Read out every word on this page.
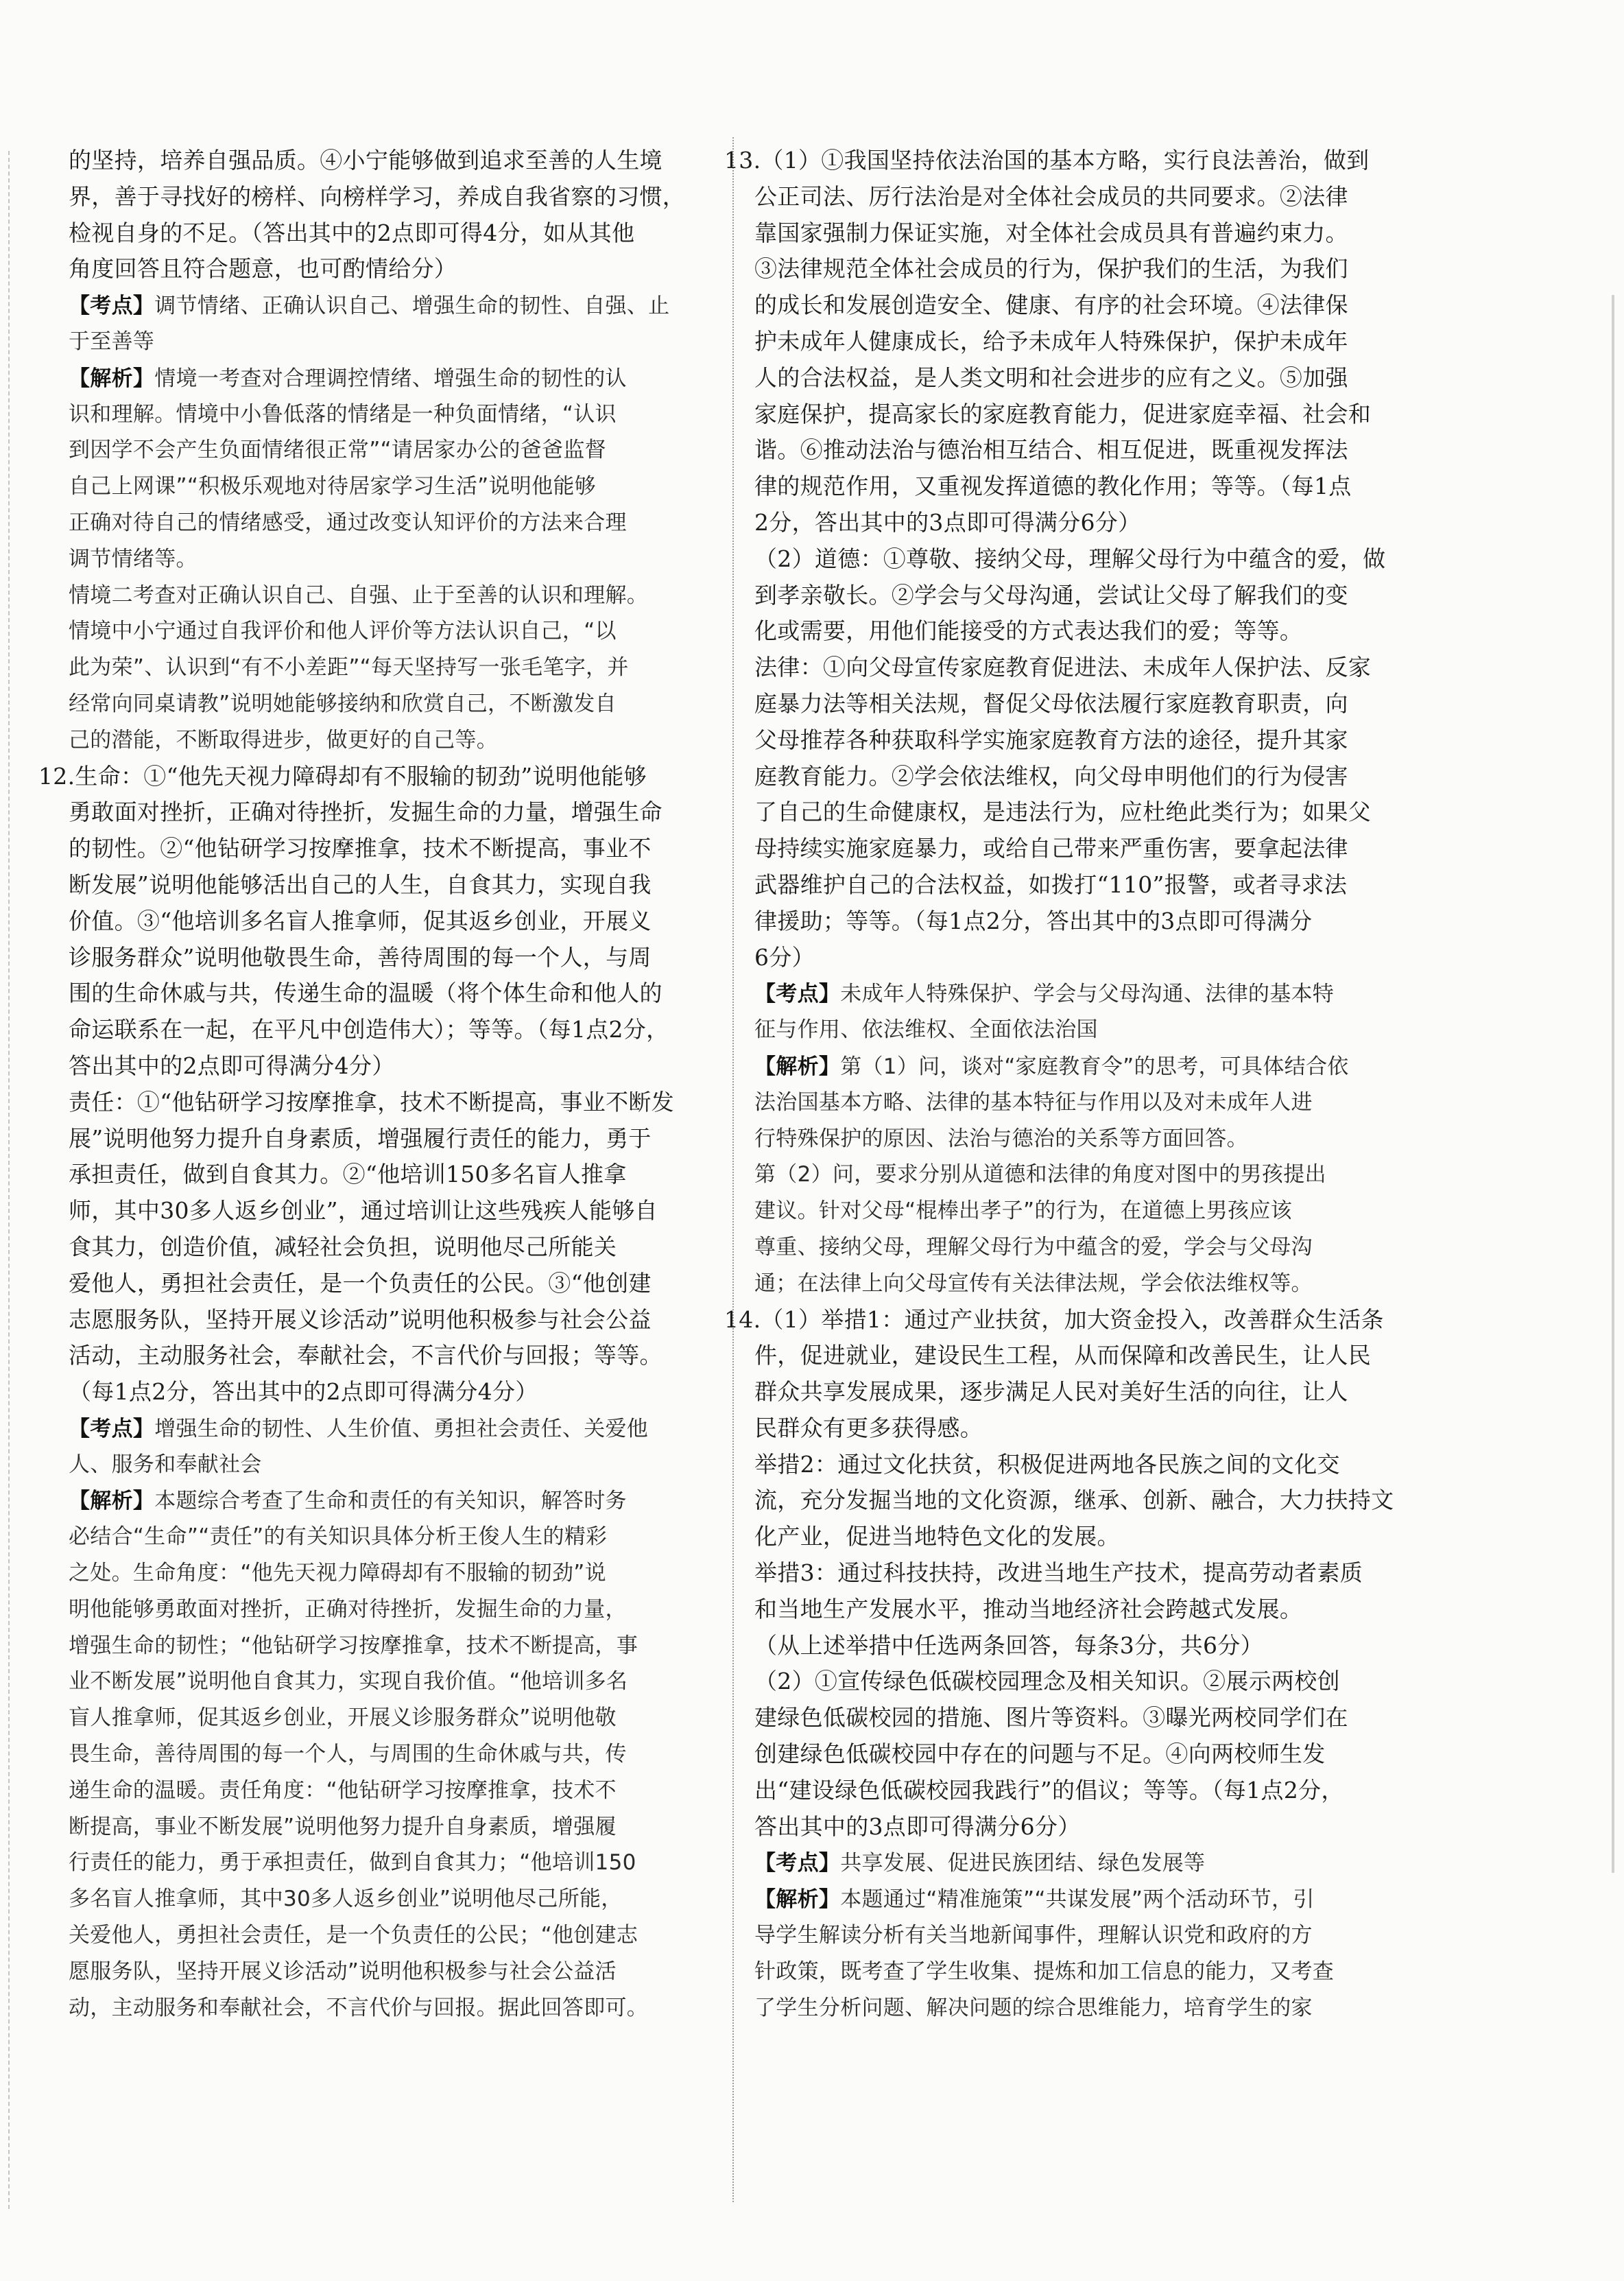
的坚持，培养自强品质。④小宁能够做到追求至善的人生境
界，善于寻找好的榜样、向榜样学习，养成自我省察的习惯，
检视自身的不足。（答出其中的2点即可得4分，如从其他
角度回答且符合题意，也可酌情给分）
【考点】调节情绪、正确认识自己、增强生命的韧性、自强、止
于至善等
【解析】情境一考查对合理调控情绪、增强生命的韧性的认
识和理解。情境中小鲁低落的情绪是一种负面情绪，“认识
到因学不会产生负面情绪很正常”“请居家办公的爸爸监督
自己上网课”“积极乐观地对待居家学习生活”说明他能够
正确对待自己的情绪感受，通过改变认知评价的方法来合理
调节情绪等。
情境二考查对正确认识自己、自强、止于至善的认识和理解。
情境中小宁通过自我评价和他人评价等方法认识自己，“以
此为荣”、认识到“有不小差距”“每天坚持写一张毛笔字，并
经常向同桌请教”说明她能够接纳和欣赏自己，不断激发自
己的潜能，不断取得进步，做更好的自己等。
12.生命：①“他先天视力障碍却有不服输的韧劲”说明他能够
勇敢面对挫折，正确对待挫折，发掘生命的力量，增强生命
的韧性。②“他钻研学习按摩推拿，技术不断提高，事业不
断发展”说明他能够活出自己的人生，自食其力，实现自我
价值。③“他培训多名盲人推拿师，促其返乡创业，开展义
诊服务群众”说明他敬畏生命，善待周围的每一个人，与周
围的生命休戚与共，传递生命的温暖（将个体生命和他人的
命运联系在一起，在平凡中创造伟大）；等等。（每1点2分，
答出其中的2点即可得满分4分）
责任：①“他钻研学习按摩推拿，技术不断提高，事业不断发
展”说明他努力提升自身素质，增强履行责任的能力，勇于
承担责任，做到自食其力。②“他培训150多名盲人推拿
师，其中30多人返乡创业”，通过培训让这些残疾人能够自
食其力，创造价值，减轻社会负担，说明他尽己所能关
爱他人，勇担社会责任，是一个负责任的公民。③“他创建
志愿服务队，坚持开展义诊活动”说明他积极参与社会公益
活动，主动服务社会，奉献社会，不言代价与回报；等等。
（每1点2分，答出其中的2点即可得满分4分）
【考点】增强生命的韧性、人生价值、勇担社会责任、关爱他
人、服务和奉献社会
【解析】本题综合考查了生命和责任的有关知识，解答时务
必结合“生命”“责任”的有关知识具体分析王俊人生的精彩
之处。生命角度：“他先天视力障碍却有不服输的韧劲”说
明他能够勇敢面对挫折，正确对待挫折，发掘生命的力量，
增强生命的韧性；“他钻研学习按摩推拿，技术不断提高，事
业不断发展”说明他自食其力，实现自我价值。“他培训多名
盲人推拿师，促其返乡创业，开展义诊服务群众”说明他敬
畏生命，善待周围的每一个人，与周围的生命休戚与共，传
递生命的温暖。责任角度：“他钻研学习按摩推拿，技术不
断提高，事业不断发展”说明他努力提升自身素质，增强履
行责任的能力，勇于承担责任，做到自食其力；“他培训150
多名盲人推拿师，其中30多人返乡创业”说明他尽己所能，
关爱他人，勇担社会责任，是一个负责任的公民；“他创建志
愿服务队，坚持开展义诊活动”说明他积极参与社会公益活
动，主动服务和奉献社会，不言代价与回报。据此回答即可。
13.（1）①我国坚持依法治国的基本方略，实行良法善治，做到
公正司法、厉行法治是对全体社会成员的共同要求。②法律
靠国家强制力保证实施，对全体社会成员具有普遍约束力。
③法律规范全体社会成员的行为，保护我们的生活，为我们
的成长和发展创造安全、健康、有序的社会环境。④法律保
护未成年人健康成长，给予未成年人特殊保护，保护未成年
人的合法权益，是人类文明和社会进步的应有之义。⑤加强
家庭保护，提高家长的家庭教育能力，促进家庭幸福、社会和
谐。⑥推动法治与德治相互结合、相互促进，既重视发挥法
律的规范作用，又重视发挥道德的教化作用；等等。（每1点
2分，答出其中的3点即可得满分6分）
（2）道德：①尊敬、接纳父母，理解父母行为中蕴含的爱，做
到孝亲敬长。②学会与父母沟通，尝试让父母了解我们的变
化或需要，用他们能接受的方式表达我们的爱；等等。
法律：①向父母宣传家庭教育促进法、未成年人保护法、反家
庭暴力法等相关法规，督促父母依法履行家庭教育职责，向
父母推荐各种获取科学实施家庭教育方法的途径，提升其家
庭教育能力。②学会依法维权，向父母申明他们的行为侵害
了自己的生命健康权，是违法行为，应杜绝此类行为；如果父
母持续实施家庭暴力，或给自己带来严重伤害，要拿起法律
武器维护自己的合法权益，如拨打“110”报警，或者寻求法
律援助；等等。（每1点2分，答出其中的3点即可得满分
6分）
【考点】未成年人特殊保护、学会与父母沟通、法律的基本特
征与作用、依法维权、全面依法治国
【解析】第（1）问，谈对“家庭教育令”的思考，可具体结合依
法治国基本方略、法律的基本特征与作用以及对未成年人进
行特殊保护的原因、法治与德治的关系等方面回答。
第（2）问，要求分别从道德和法律的角度对图中的男孩提出
建议。针对父母“棍棒出孝子”的行为，在道德上男孩应该
尊重、接纳父母，理解父母行为中蕴含的爱，学会与父母沟
通；在法律上向父母宣传有关法律法规，学会依法维权等。
14.（1）举措1：通过产业扶贫，加大资金投入，改善群众生活条
件，促进就业，建设民生工程，从而保障和改善民生，让人民
群众共享发展成果，逐步满足人民对美好生活的向往，让人
民群众有更多获得感。
举措2：通过文化扶贫，积极促进两地各民族之间的文化交
流，充分发掘当地的文化资源，继承、创新、融合，大力扶持文
化产业，促进当地特色文化的发展。
举措3：通过科技扶持，改进当地生产技术，提高劳动者素质
和当地生产发展水平，推动当地经济社会跨越式发展。
（从上述举措中任选两条回答，每条3分，共6分）
（2）①宣传绿色低碳校园理念及相关知识。②展示两校创
建绿色低碳校园的措施、图片等资料。③曝光两校同学们在
创建绿色低碳校园中存在的问题与不足。④向两校师生发
出“建设绿色低碳校园我践行”的倡议；等等。（每1点2分，
答出其中的3点即可得满分6分）
【考点】共享发展、促进民族团结、绿色发展等
【解析】本题通过“精准施策”“共谋发展”两个活动环节，引
导学生解读分析有关当地新闻事件，理解认识党和政府的方
针政策，既考查了学生收集、提炼和加工信息的能力，又考查
了学生分析问题、解决问题的综合思维能力，培育学生的家
